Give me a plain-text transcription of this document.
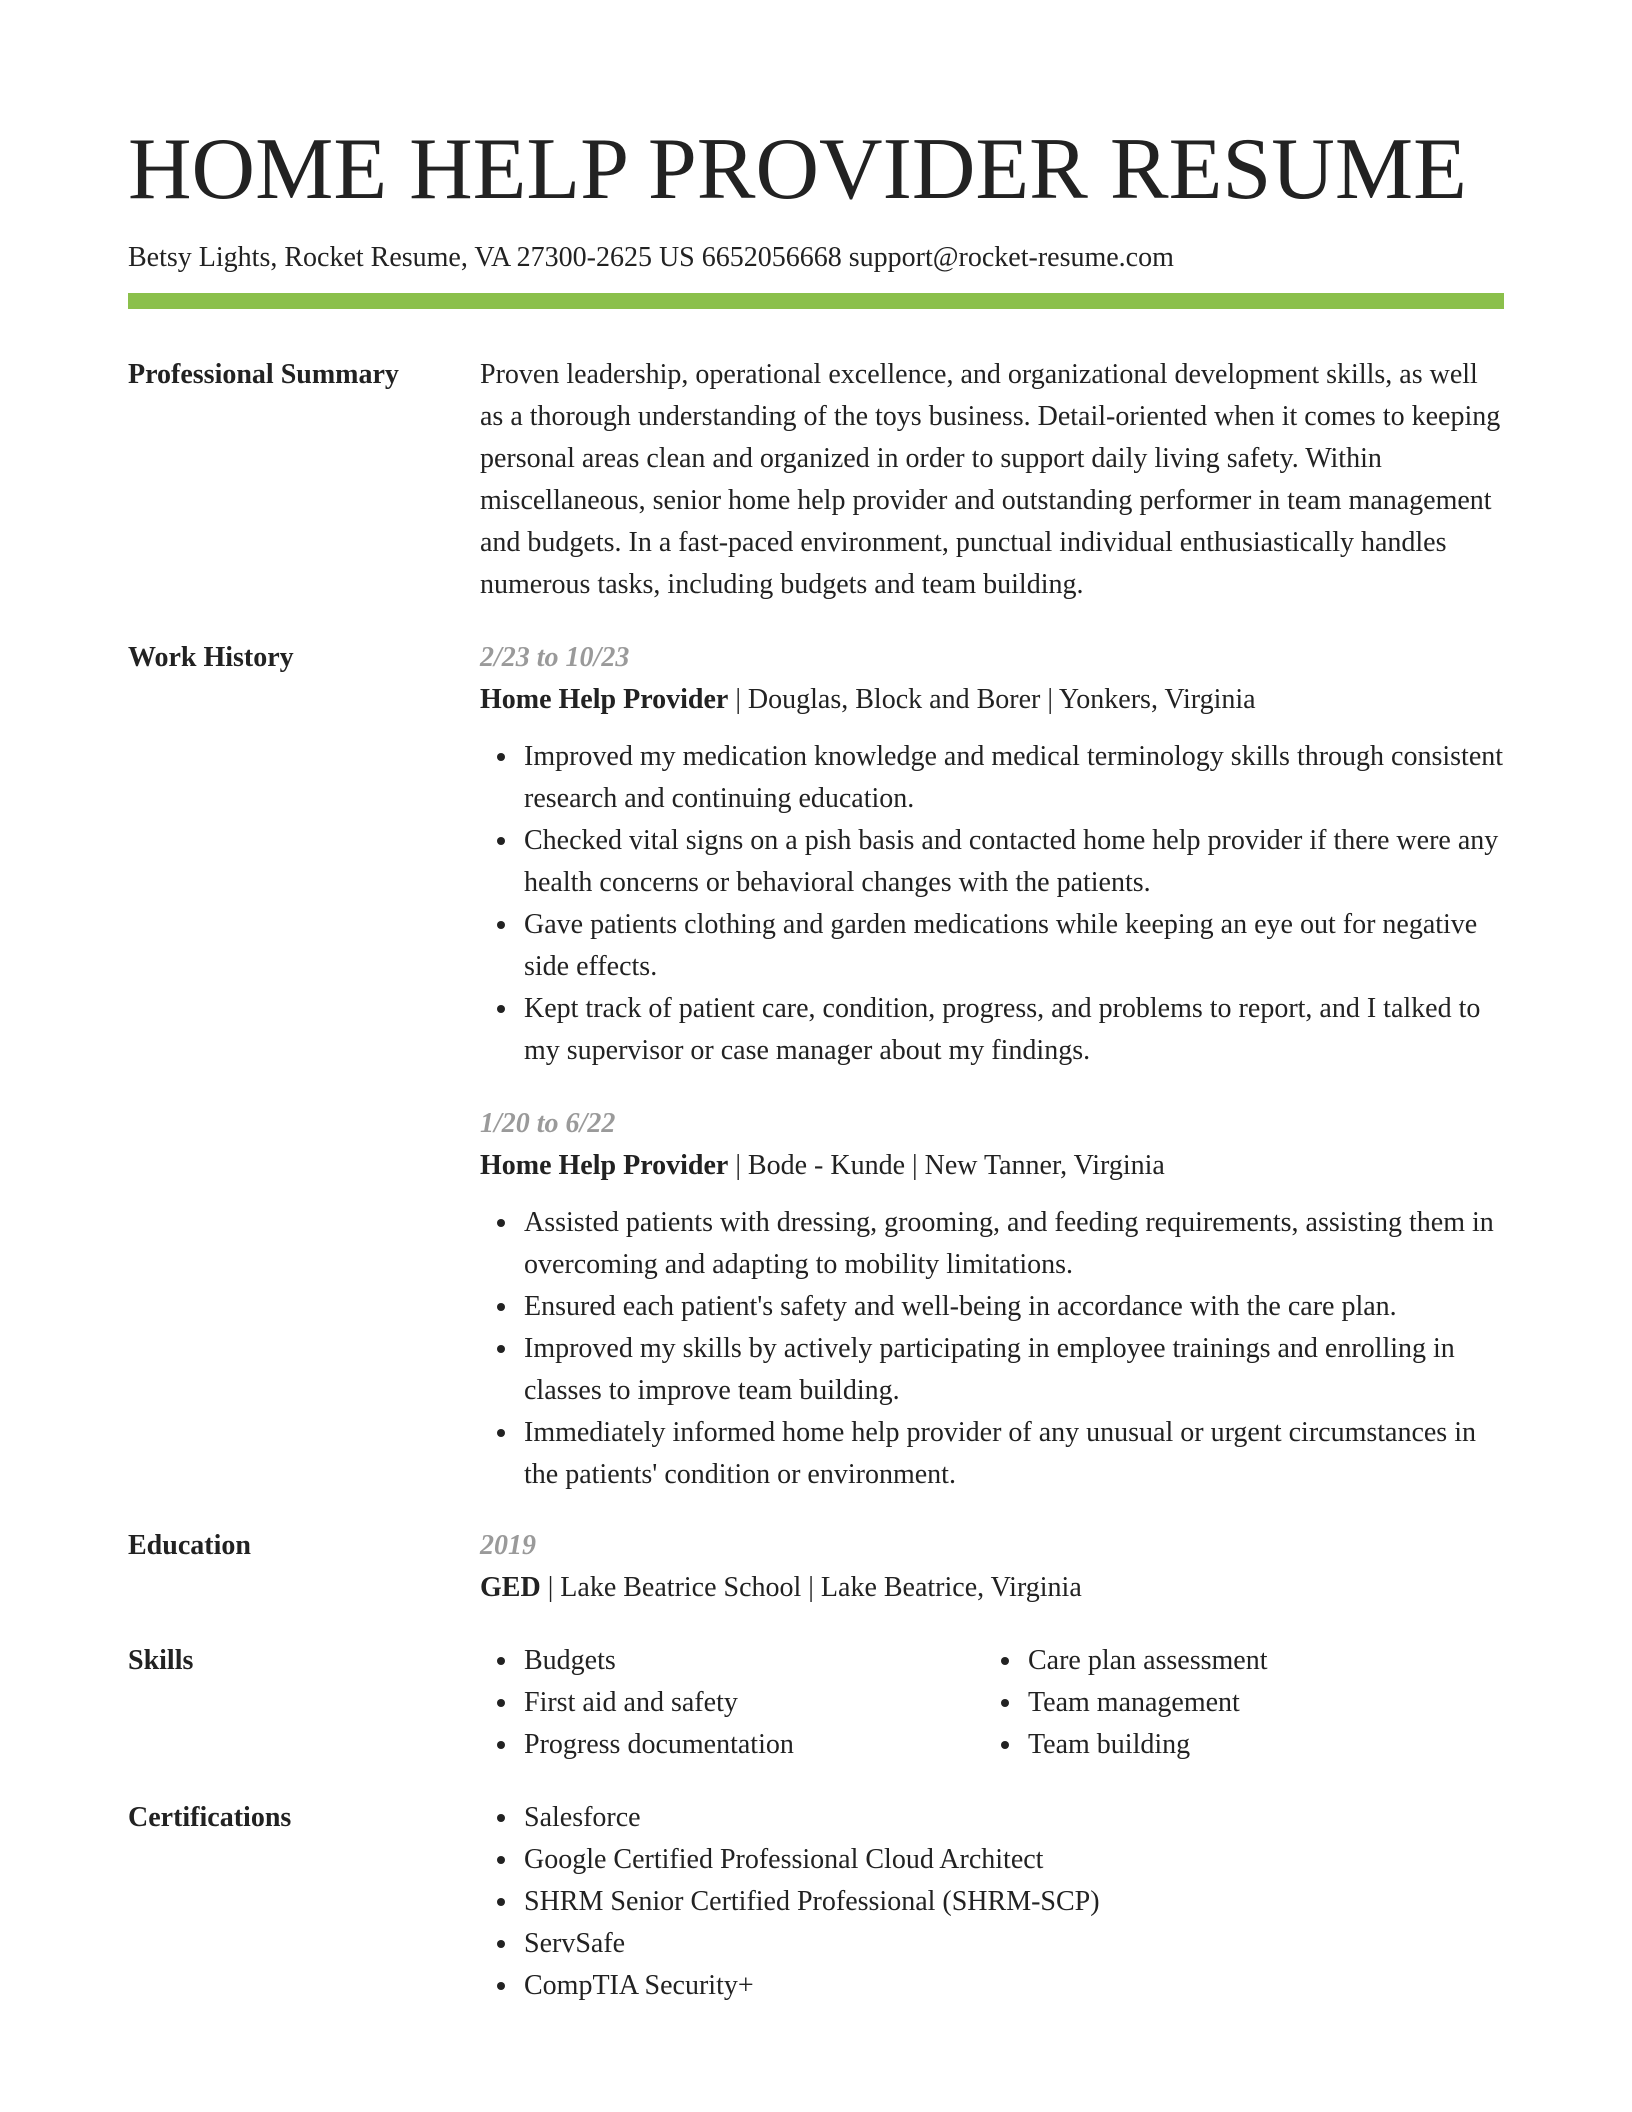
HOME HELP PROVIDER RESUME
Betsy Lights, Rocket Resume, VA 27300-2625 US 6652056668 support@rocket-resume.com
Professional Summary	Proven leadership, operational excellence, and organizational development skills, as well as a thorough understanding of the toys business. Detail-oriented when it comes to keeping personal areas clean and organized in order to support daily living safety. Within miscellaneous, senior home help provider and outstanding performer in team management and budgets. In a fast-paced environment, punctual individual enthusiastically handles numerous tasks, including budgets and team building.

Work History	2/23 to 10/23
Home Help Provider | Douglas, Block and Borer | Yonkers, Virginia
Improved my medication knowledge and medical terminology skills through consistent research and continuing education.
Checked vital signs on a pish basis and contacted home help provider if there were any health concerns or behavioral changes with the patients.
Gave patients clothing and garden medications while keeping an eye out for negative side effects.
Kept track of patient care, condition, progress, and problems to report, and I talked to my supervisor or case manager about my findings.
1/20 to 6/22
Home Help Provider | Bode - Kunde | New Tanner, Virginia
Assisted patients with dressing, grooming, and feeding requirements, assisting them in overcoming and adapting to mobility limitations.
Ensured each patient's safety and well-being in accordance with the care plan.
Improved my skills by actively participating in employee trainings and enrolling in classes to improve team building.
Immediately informed home help provider of any unusual or urgent circumstances in the patients' condition or environment.
Education	2019
GED | Lake Beatrice School | Lake Beatrice, Virginia
Skills	Budgets
First aid and safety
Progress documentation
Care plan assessment
Team management
Team building
Certifications	Salesforce
Google Certified Professional Cloud Architect
SHRM Senior Certified Professional (SHRM-SCP)
ServSafe
CompTIA Security+
